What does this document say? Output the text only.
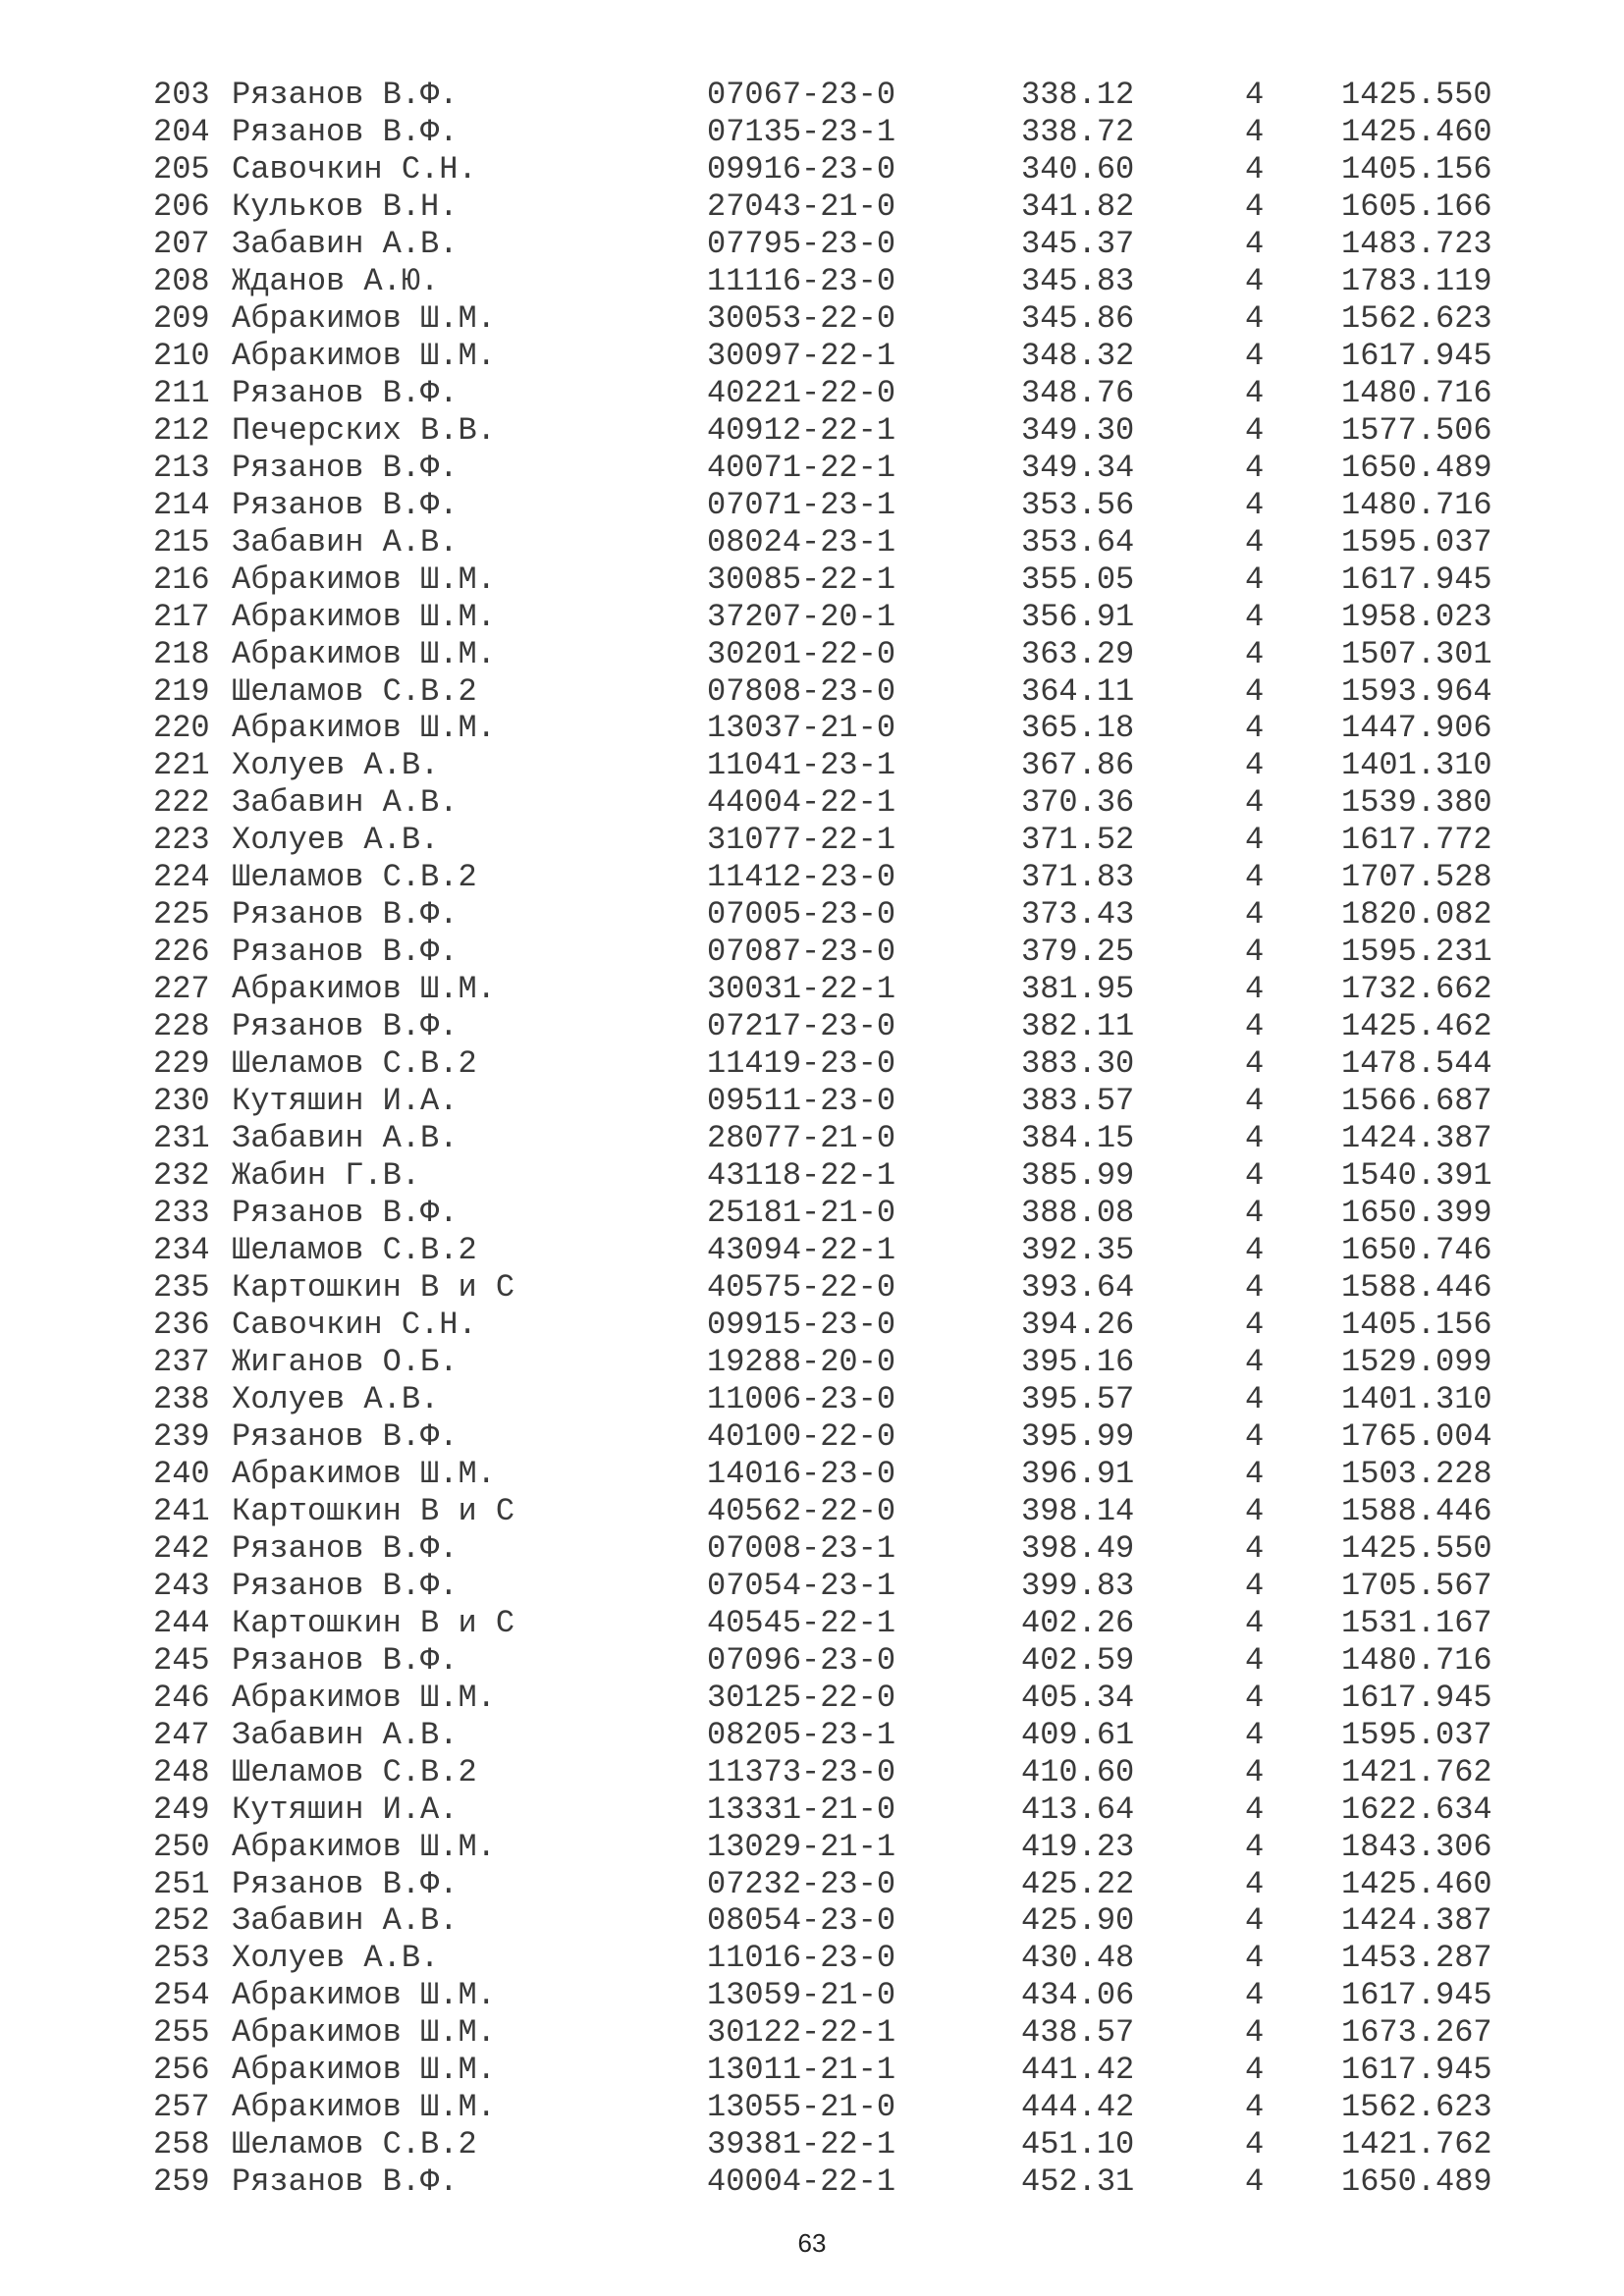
203 Рязанов В.Ф.	07067-23-0	338.12	4 1425.550
204 Рязанов В.Ф.	07135-23-1	338.72	4 1425.460
205 Савочкин С.Н.	09916-23-0	340.60	4 1405.156
206 Кульков В.Н.	27043-21-0	341.82	4 1605.166
207 Забавин А.В.	07795-23-0	345.37	4 1483.723
208 Жданов А.Ю.	11116-23-0	345.83	4 1783.119
209 Абракимов Ш.М.	30053-22-0	345.86	4 1562.623
210 Абракимов Ш.М.	30097-22-1	348.32	4 1617.945
211 Рязанов В.Ф.	40221-22-0	348.76	4 1480.716
212 Печерских В.В.	40912-22-1	349.30	4 1577.506
213 Рязанов В.Ф.	40071-22-1	349.34	4 1650.489
214 Рязанов В.Ф.	07071-23-1	353.56	4 1480.716
215 Забавин А.В.	08024-23-1	353.64	4 1595.037
216 Абракимов Ш.М.	30085-22-1	355.05	4 1617.945
217 Абракимов Ш.М.	37207-20-1	356.91	4 1958.023
218 Абракимов Ш.М.	30201-22-0	363.29	4 1507.301
219 Шеламов С.В.2	07808-23-0	364.11	4 1593.964
220 Абракимов Ш.М.	13037-21-0	365.18	4 1447.906
221 Холуев А.В.	11041-23-1	367.86	4 1401.310
222 Забавин А.В.	44004-22-1	370.36	4 1539.380
223 Холуев А.В.	31077-22-1	371.52	4 1617.772
224 Шеламов С.В.2	11412-23-0	371.83	4 1707.528
225 Рязанов В.Ф.	07005-23-0	373.43	4 1820.082
226 Рязанов В.Ф.	07087-23-0	379.25	4 1595.231
227 Абракимов Ш.М.	30031-22-1	381.95	4 1732.662
228 Рязанов В.Ф.	07217-23-0	382.11	4 1425.462
229 Шеламов С.В.2	11419-23-0	383.30	4 1478.544
230 Кутяшин И.А.	09511-23-0	383.57	4 1566.687
231 Забавин А.В.	28077-21-0	384.15	4 1424.387
232 Жабин Г.В.	43118-22-1	385.99	4 1540.391
233 Рязанов В.Ф.	25181-21-0	388.08	4 1650.399
234 Шеламов С.В.2	43094-22-1	392.35	4 1650.746
235 Картошкин В и С	40575-22-0	393.64	4 1588.446
236 Савочкин С.Н.	09915-23-0	394.26	4 1405.156
237 Жиганов О.Б.	19288-20-0	395.16	4 1529.099
238 Холуев А.В.	11006-23-0	395.57	4 1401.310
239 Рязанов В.Ф.	40100-22-0	395.99	4 1765.004
240 Абракимов Ш.М.	14016-23-0	396.91	4 1503.228
241 Картошкин В и С	40562-22-0	398.14	4 1588.446
242 Рязанов В.Ф.	07008-23-1	398.49	4 1425.550
243 Рязанов В.Ф.	07054-23-1	399.83	4 1705.567
244 Картошкин В и С	40545-22-1	402.26	4 1531.167
245 Рязанов В.Ф.	07096-23-0	402.59	4 1480.716
246 Абракимов Ш.М.	30125-22-0	405.34	4 1617.945
247 Забавин А.В.	08205-23-1	409.61	4 1595.037
248 Шеламов С.В.2	11373-23-0	410.60	4 1421.762
249 Кутяшин И.А.	13331-21-0	413.64	4 1622.634
250 Абракимов Ш.М.	13029-21-1	419.23	4 1843.306
251 Рязанов В.Ф.	07232-23-0	425.22	4 1425.460
252 Забавин А.В.	08054-23-0	425.90	4 1424.387
253 Холуев А.В.	11016-23-0	430.48	4 1453.287
254 Абракимов Ш.М.	13059-21-0	434.06	4 1617.945
255 Абракимов Ш.М.	30122-22-1	438.57	4 1673.267
256 Абракимов Ш.М.	13011-21-1	441.42	4 1617.945
257 Абракимов Ш.М.	13055-21-0	444.42	4 1562.623
258 Шеламов С.В.2	39381-22-1	451.10	4 1421.762
259 Рязанов В.Ф.	40004-22-1	452.31	4 1650.489
63
